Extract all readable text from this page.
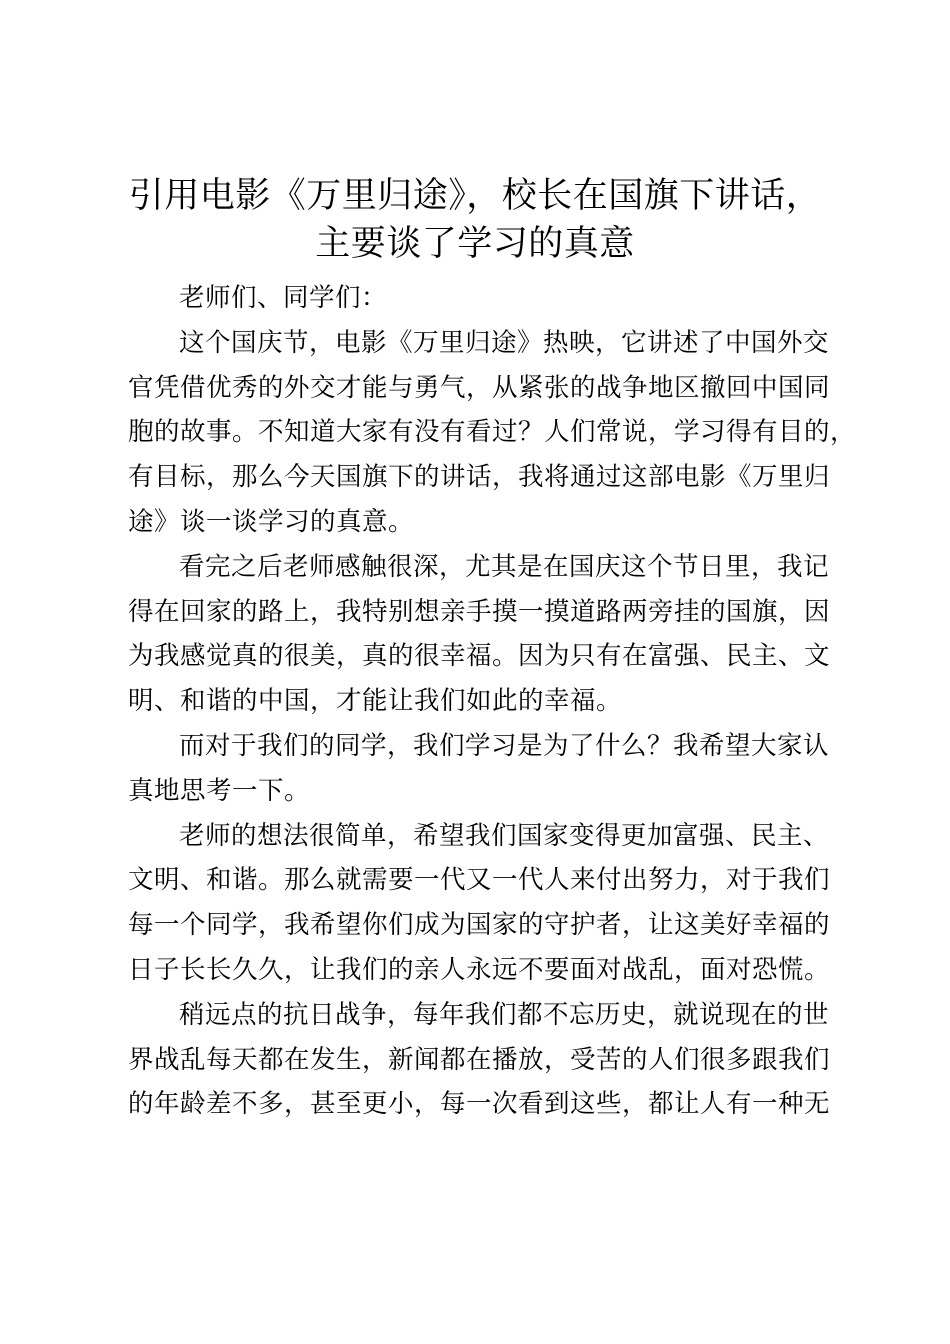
引用电影《万里归途》，校长在国旗下讲话，
主要谈了学习的真意
老师们、同学们：
这个国庆节，电影《万里归途》热映，它讲述了中国外交
官凭借优秀的外交才能与勇气，从紧张的战争地区撤回中国同
胞的故事。不知道大家有没有看过？人们常说，学习得有目的，
有目标，那么今天国旗下的讲话，我将通过这部电影《万里归
途》谈一谈学习的真意。
看完之后老师感触很深，尤其是在国庆这个节日里，我记
得在回家的路上，我特别想亲手摸一摸道路两旁挂的国旗，因
为我感觉真的很美，真的很幸福。因为只有在富强、民主、文
明、和谐的中国，才能让我们如此的幸福。
而对于我们的同学，我们学习是为了什么？我希望大家认
真地思考一下。
老师的想法很简单，希望我们国家变得更加富强、民主、
文明、和谐。那么就需要一代又一代人来付出努力，对于我们
每一个同学，我希望你们成为国家的守护者，让这美好幸福的
日子长长久久，让我们的亲人永远不要面对战乱，面对恐慌。
稍远点的抗日战争，每年我们都不忘历史，就说现在的世
界战乱每天都在发生，新闻都在播放，受苦的人们很多跟我们
的年龄差不多，甚至更小，每一次看到这些，都让人有一种无
